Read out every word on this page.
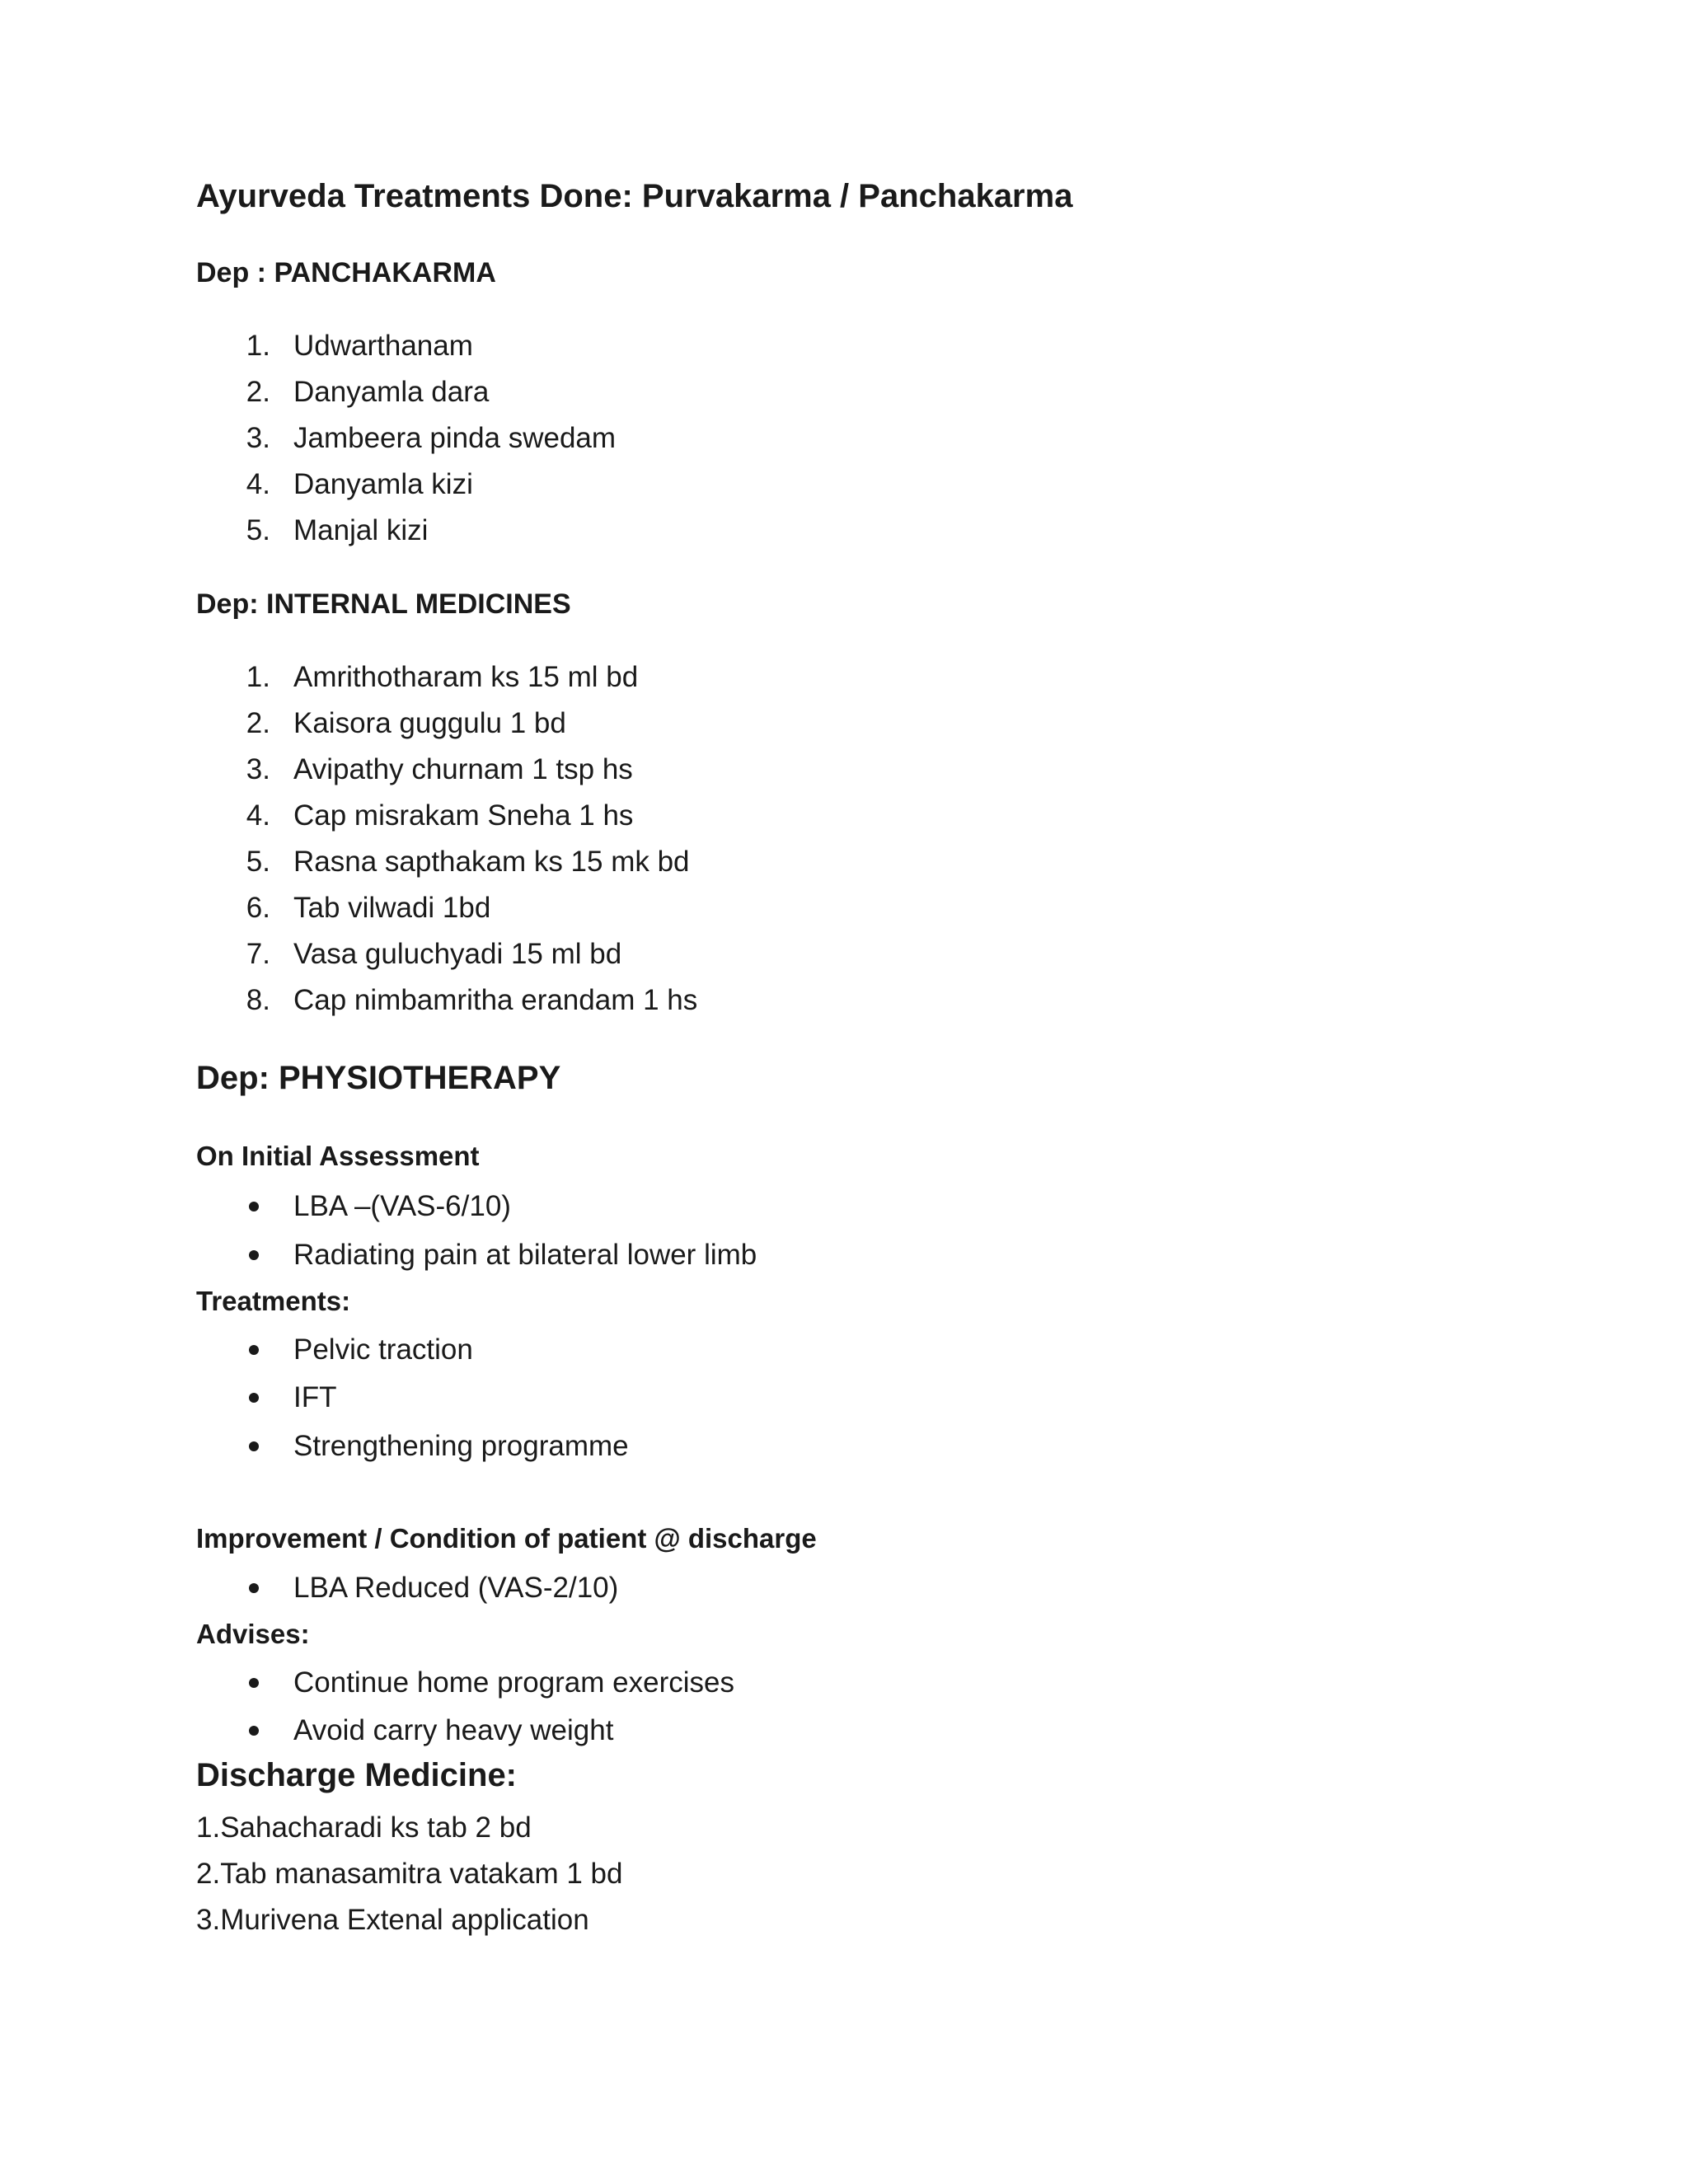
Ayurveda Treatments Done: Purvakarma / Panchakarma
Dep : PANCHAKARMA
1. Udwarthanam
2. Danyamla dara
3. Jambeera pinda swedam
4. Danyamla kizi
5. Manjal kizi
Dep: INTERNAL MEDICINES
1. Amrithotharam ks 15 ml bd
2. Kaisora guggulu 1 bd
3. Avipathy churnam 1 tsp hs
4. Cap misrakam Sneha 1 hs
5. Rasna sapthakam ks 15 mk bd
6. Tab vilwadi 1bd
7. Vasa guluchyadi 15 ml bd
8. Cap nimbamritha erandam 1 hs
Dep: PHYSIOTHERAPY
On Initial Assessment
LBA –(VAS-6/10)
Radiating pain at bilateral lower limb
Treatments:
Pelvic traction
IFT
Strengthening programme
Improvement / Condition of patient @ discharge
LBA Reduced (VAS-2/10)
Advises:
Continue home program exercises
Avoid carry heavy weight
Discharge Medicine:
1.Sahacharadi ks tab 2 bd
2.Tab manasamitra vatakam 1 bd
3.Murivena Extenal application
